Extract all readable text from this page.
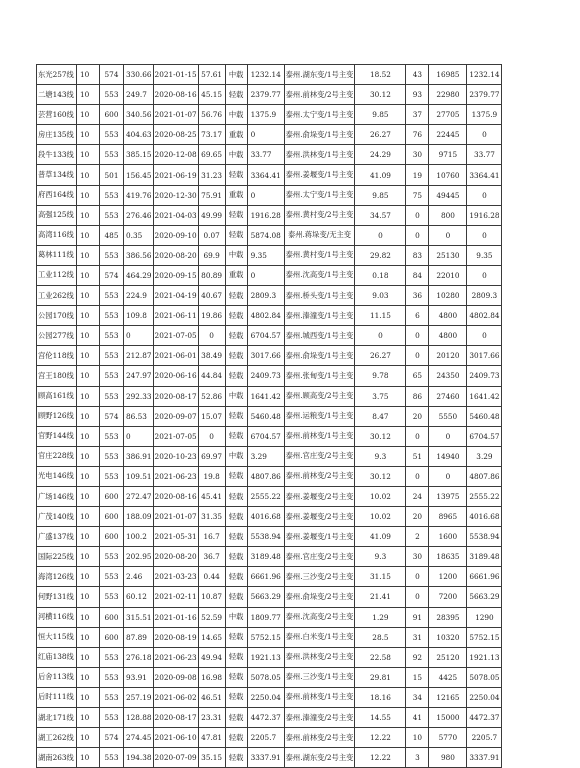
东光257线	10	574	330.66	2021-01-15	57.61	中载	1232.14	泰州.湖东变/1号主变	18.52	43	16985	1232.14
二塘143线	10	553	249.7	2020-08-16	45.15	轻载	2379.77	泰州.前林变/2号主变	30.12	93	22980	2379.77
芸营160线	10	600	340.56	2021-01-07	56.76	中载	1375.9	泰州.太宁变/1号主变	9.85	37	27705	1375.9
房庄135线	10	553	404.63	2020-08-25	73.17	重载	0	泰州.俞垛变/1号主变	26.27	76	22445	0
段牛133线	10	553	385.15	2020-12-08	69.65	中载	33.77	泰州.洪林变/1号主变	24.29	30	9715	33.77
普草134线	10	501	156.45	2021-06-19	31.23	轻载	3364.41	泰州.姜堰变/1号主变	41.09	19	10760	3364.41
府西164线	10	553	419.76	2020-12-30	75.91	重载	0	泰州.太宁变/1号主变	9.85	75	49445	0
高强125线	10	553	276.46	2021-04-03	49.99	轻载	1916.28	泰州.黄村变/2号主变	34.57	0	800	1916.28
高湾116线	10	485	0.35	2020-09-10	0.07	轻载	5874.08	泰州.蒋垛变/无主变	0	0	0	0
葛林111线	10	553	386.56	2020-08-20	69.9	中载	9.35	泰州.黄村变/1号主变	29.82	83	25130	9.35
工业112线	10	574	464.29	2020-09-15	80.89	重载	0	泰州.沈高变/1号主变	0.18	84	22010	0
工业262线	10	553	224.9	2021-04-19	40.67	轻载	2809.3	泰州.桥头变/1号主变	9.03	36	10280	2809.3
公园170线	10	553	109.8	2021-06-11	19.86	轻载	4802.84	泰州.溱潼变/1号主变	11.15	6	4800	4802.84
公园277线	10	553	0	2021-07-05	0	轻载	6704.57	泰州.城西变/1号主变	0	0	4800	0
宫伦118线	10	553	212.87	2021-06-01	38.49	轻载	3017.66	泰州.俞垛变/1号主变	26.27	0	20120	3017.66
宫王180线	10	553	247.97	2020-06-16	44.84	轻载	2409.73	泰州.张甸变/1号主变	9.78	65	24350	2409.73
顾高161线	10	553	292.33	2020-08-17	52.86	中载	1641.42	泰州.顾高变/2号主变	3.75	86	27460	1641.42
顾野126线	10	574	86.53	2020-09-07	15.07	轻载	5460.48	泰州.运粮变/1号主变	8.47	20	5550	5460.48
官野144线	10	553	0	2021-07-05	0	轻载	6704.57	泰州.前林变/1号主变	30.12	0	0	6704.57
官庄228线	10	553	386.91	2020-10-23	69.97	中载	3.29	泰州.官庄变/2号主变	9.3	51	14940	3.29
光电146线	10	553	109.51	2021-06-23	19.8	轻载	4807.86	泰州.前林变/2号主变	30.12	0	0	4807.86
广场146线	10	600	272.47	2020-08-16	45.41	轻载	2555.22	泰州.姜堰变/2号主变	10.02	24	13975	2555.22
广茂140线	10	600	188.09	2021-01-07	31.35	轻载	4016.68	泰州.姜堰变/2号主变	10.02	20	8965	4016.68
广盛137线	10	600	100.2	2021-05-31	16.7	轻载	5538.94	泰州.姜堰变/1号主变	41.09	2	1600	5538.94
国际225线	10	553	202.95	2020-08-20	36.7	轻载	3189.48	泰州.官庄变/2号主变	9.3	30	18635	3189.48
海湾126线	10	553	2.46	2021-03-23	0.44	轻载	6661.96	泰州.三沙变/2号主变	31.15	0	1200	6661.96
何野131线	10	553	60.12	2021-02-11	10.87	轻载	5663.29	泰州.俞垛变/2号主变	21.41	0	7200	5663.29
河横116线	10	600	315.51	2021-01-16	52.59	中载	1809.77	泰州.沈高变/2号主变	1.29	91	28395	1290
恒大115线	10	600	87.89	2020-08-19	14.65	轻载	5752.15	泰州.白米变/1号主变	28.5	31	10320	5752.15
红庙138线	10	553	276.18	2021-06-23	49.94	轻载	1921.13	泰州.洪林变/2号主变	22.58	92	25120	1921.13
后舍113线	10	553	93.91	2020-09-08	16.98	轻载	5078.05	泰州.三沙变/1号主变	29.81	15	4425	5078.05
后时111线	10	553	257.19	2021-06-02	46.51	轻载	2250.04	泰州.前林变/1号主变	18.16	34	12165	2250.04
湖北171线	10	553	128.88	2020-08-17	23.31	轻载	4472.37	泰州.溱潼变/2号主变	14.55	41	15000	4472.37
湖工262线	10	574	274.45	2021-06-10	47.81	轻载	2205.7	泰州.前林变/2号主变	12.22	10	5770	2205.7
湖南263线	10	553	194.38	2020-07-09	35.15	轻载	3337.91	泰州.湖东变/2号主变	12.22	3	980	3337.91
